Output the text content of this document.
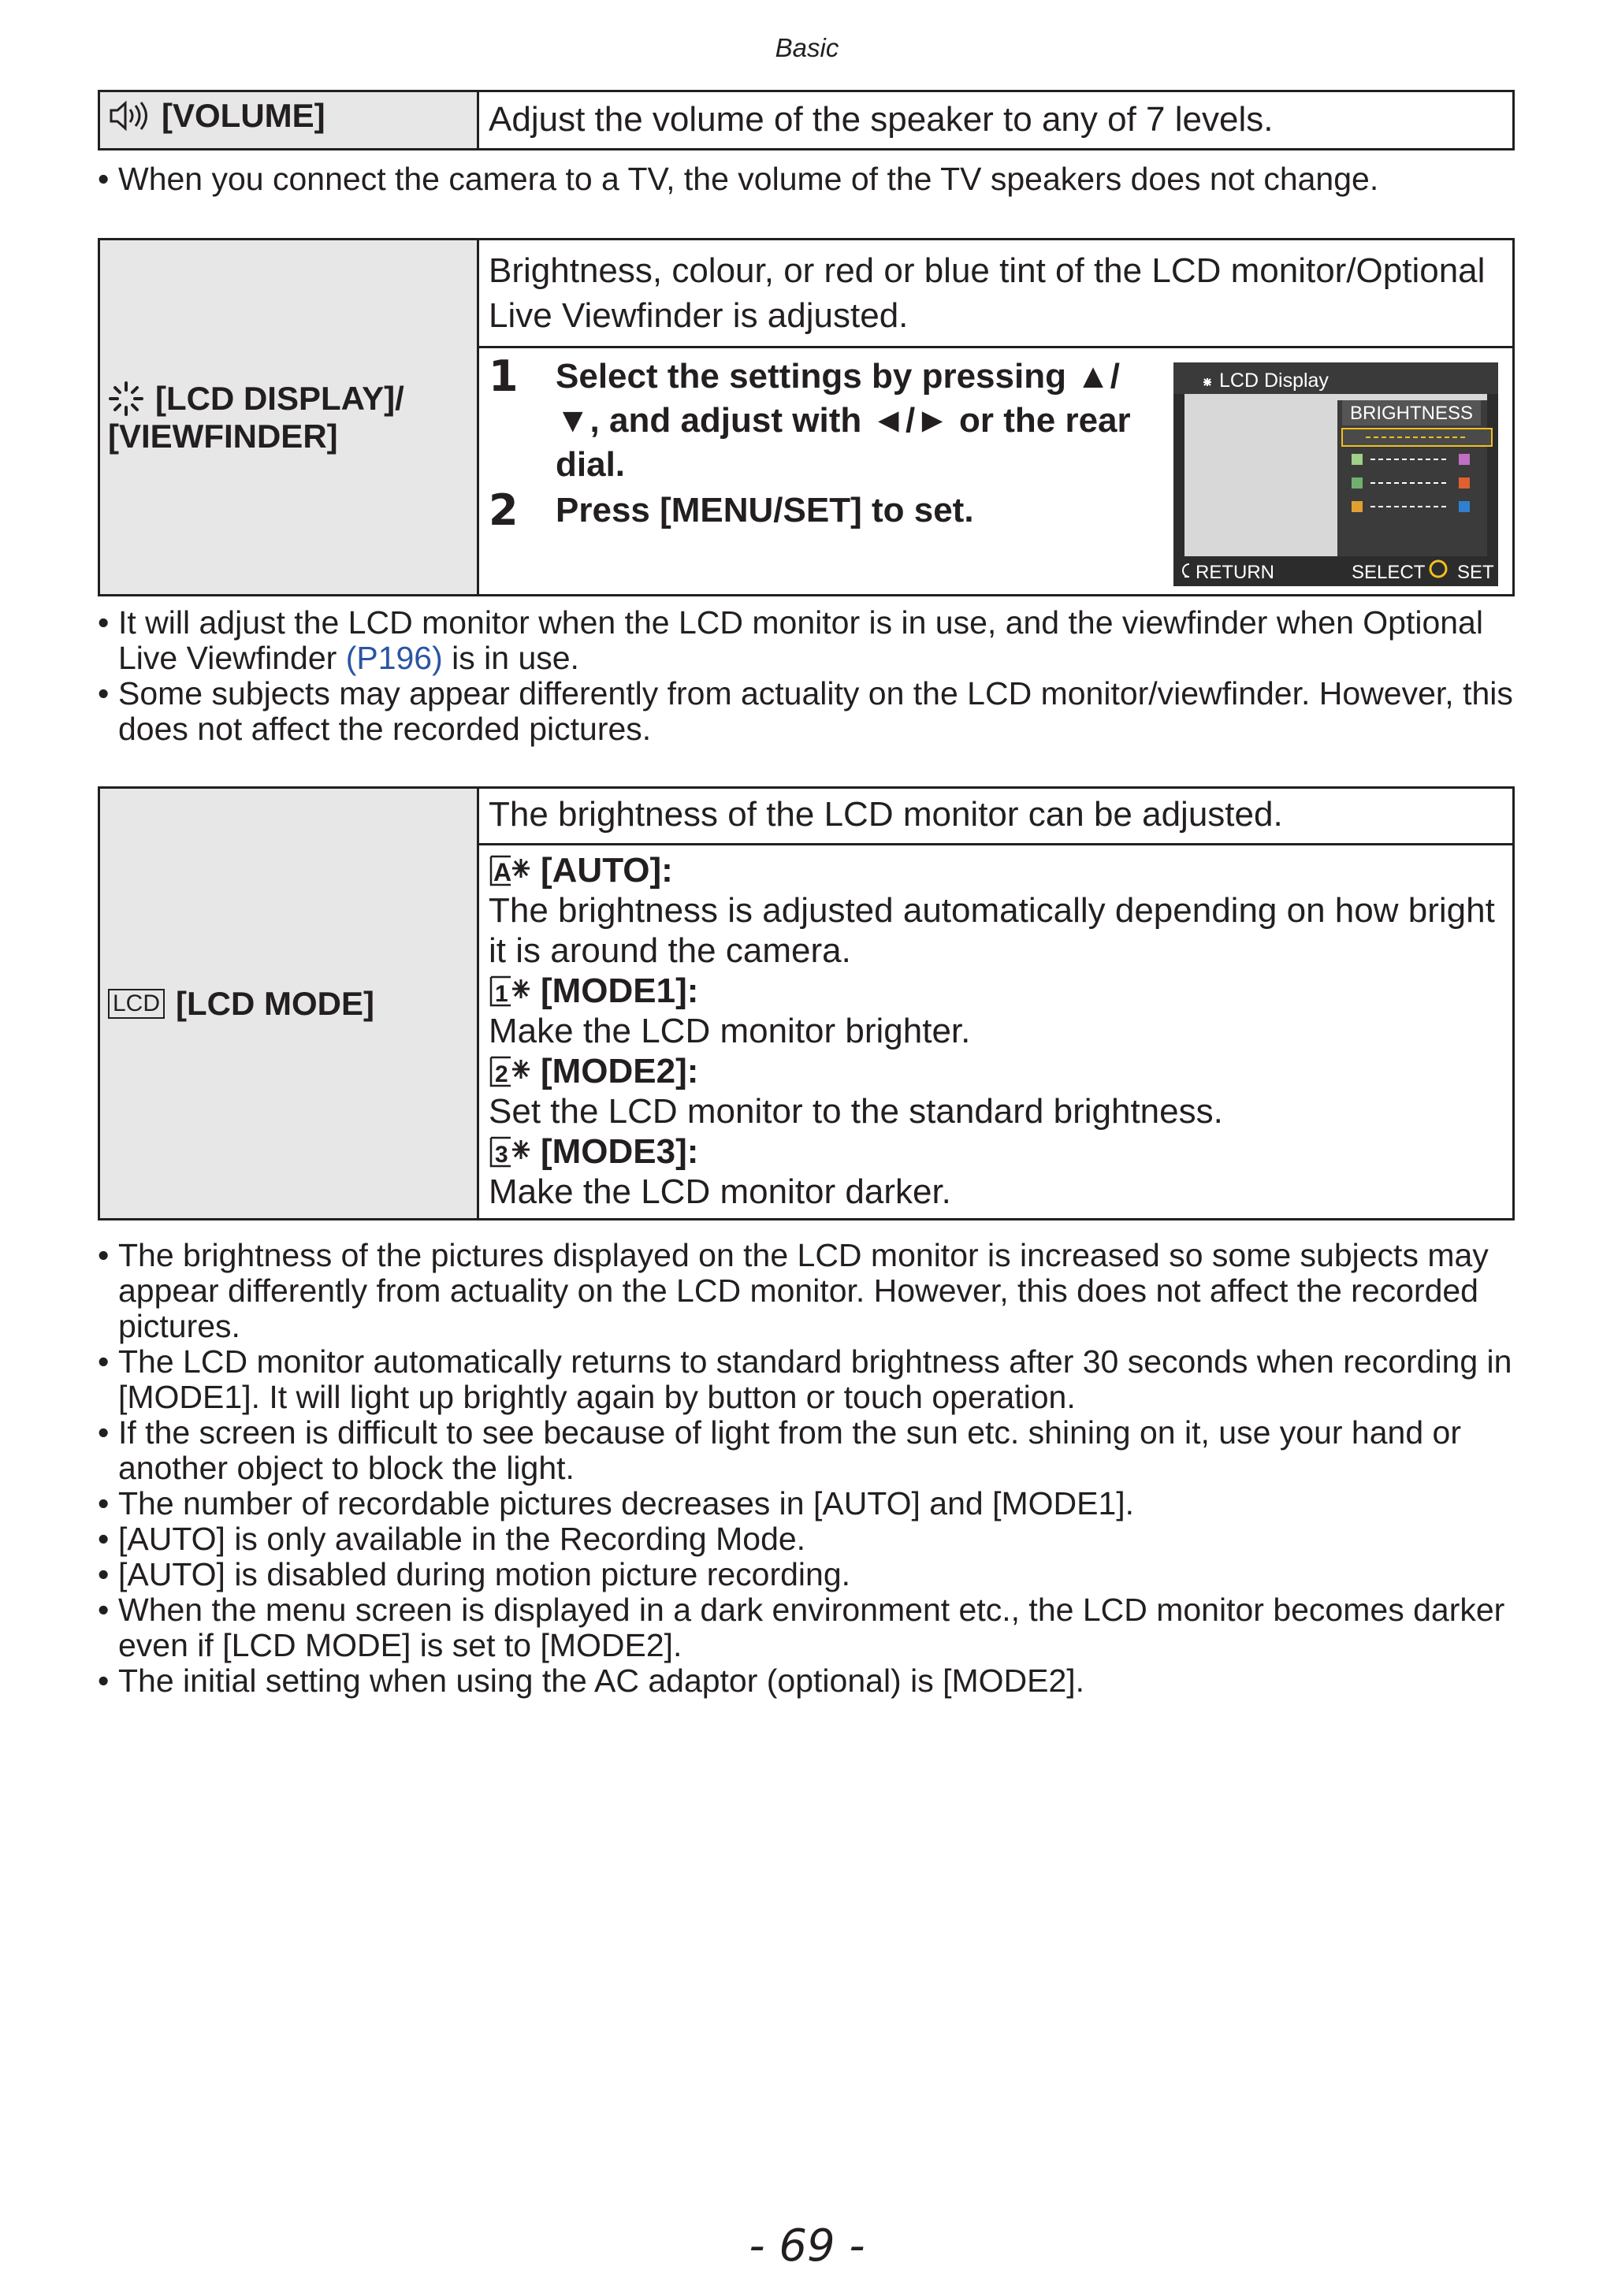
Basic
[VOLUME]	Adjust the volume of the speaker to any of 7 levels.
• When you connect the camera to a TV, the volume of the TV speakers does not change.
[LCD DISPLAY]/
[VIEWFINDER]
	Brightness, colour, or red or blue tint of the LCD monitor/Optional Live Viewfinder is adjusted.

1	Select the settings by pressing ▲/▼, and adjust with ◄/► or the rear dial.
2	Press [MENU/SET] to set.
LCD Display
BRIGHTNESS
RETURN	SELECT SET
• It will adjust the LCD monitor when the LCD monitor is in use, and the viewfinder when Optional Live Viewfinder (P196) is in use.
• Some subjects may appear differently from actuality on the LCD monitor/viewfinder. However, this does not affect the recorded pictures.
LCD [LCD MODE]
	The brightness of the LCD monitor can be adjusted.

A [AUTO]:
The brightness is adjusted automatically depending on how bright it is around the camera.
1 [MODE1]:
Make the LCD monitor brighter.
2 [MODE2]:
Set the LCD monitor to the standard brightness.
3 [MODE3]:
Make the LCD monitor darker.
• The brightness of the pictures displayed on the LCD monitor is increased so some subjects may appear differently from actuality on the LCD monitor. However, this does not affect the recorded pictures.
• The LCD monitor automatically returns to standard brightness after 30 seconds when recording in [MODE1]. It will light up brightly again by button or touch operation.
• If the screen is difficult to see because of light from the sun etc. shining on it, use your hand or another object to block the light.
• The number of recordable pictures decreases in [AUTO] and [MODE1].
• [AUTO] is only available in the Recording Mode.
• [AUTO] is disabled during motion picture recording.
• When the menu screen is displayed in a dark environment etc., the LCD monitor becomes darker even if [LCD MODE] is set to [MODE2].
• The initial setting when using the AC adaptor (optional) is [MODE2].
- 69 -
